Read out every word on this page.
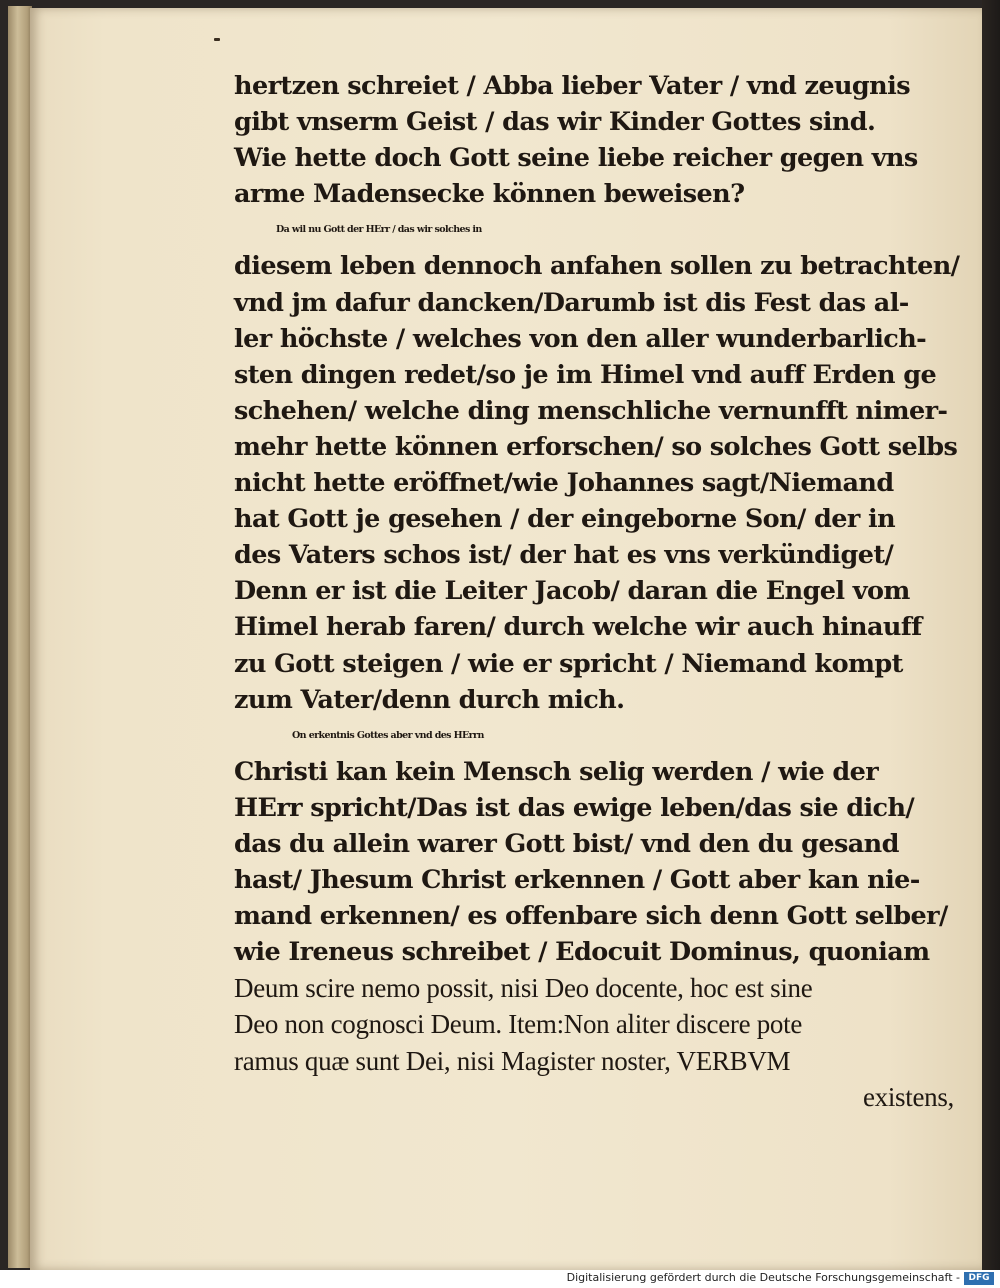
hertzen schreiet / Abba lieber Vater / vnd zeugnis
gibt vnserm Geist / das wir Kinder Gottes sind.
Wie hette doch Gott seine liebe reicher gegen vns
arme Madensecke können beweisen?
Da wil nu Gott der HErr / das wir solches in
diesem leben dennoch anfahen sollen zu betrachten/
vnd jm dafur dancken/Darumb ist dis Fest das al-
ler höchste / welches von den aller wunderbarlich-
sten dingen redet/so je im Himel vnd auff Erden ge
schehen/ welche ding menschliche vernunfft nimer-
mehr hette können erforschen/ so solches Gott selbs
nicht hette eröffnet/wie Johannes sagt/Niemand
hat Gott je gesehen / der eingeborne Son/ der in
des Vaters schos ist/ der hat es vns verkündiget/
Denn er ist die Leiter Jacob/ daran die Engel vom
Himel herab faren/ durch welche wir auch hinauff
zu Gott steigen / wie er spricht / Niemand kompt
zum Vater/denn durch mich.
On erkentnis Gottes aber vnd des HErrn
Christi kan kein Mensch selig werden / wie der
HErr spricht/Das ist das ewige leben/das sie dich/
das du allein warer Gott bist/ vnd den du gesand
hast/ Jhesum Christ erkennen / Gott aber kan nie-
mand erkennen/ es offenbare sich denn Gott selber/
wie Ireneus schreibet / Edocuit Dominus, quoniam
Deum scire nemo possit, nisi Deo docente, hoc est sine
Deo non cognosci Deum. Item:Non aliter discere pote
ramus quæ sunt Dei, nisi Magister noster, VERBVM
existens,
Digitalisierung gefördert durch die Deutsche Forschungsgemeinschaft - DFG
